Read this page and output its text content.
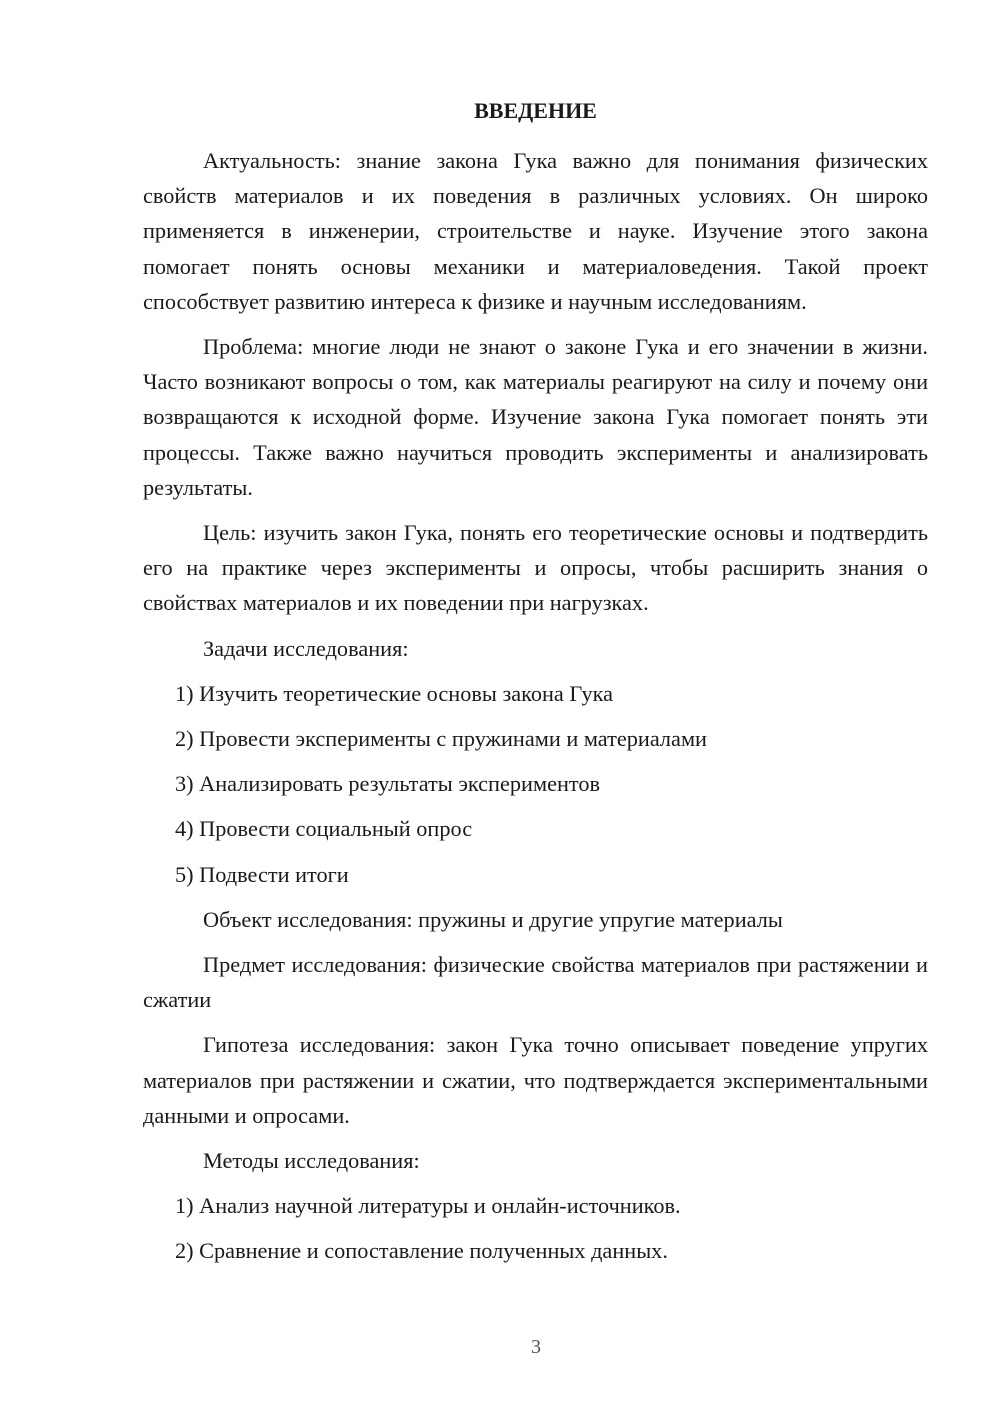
ВВЕДЕНИЕ

Актуальность: знание закона Гука важно для понимания физических свойств материалов и их поведения в различных условиях. Он широко применяется в инженерии, строительстве и науке. Изучение этого закона помогает понять основы механики и материаловедения. Такой проект способствует развитию интереса к физике и научным исследованиям.

Проблема: многие люди не знают о законе Гука и его значении в жизни. Часто возникают вопросы о том, как материалы реагируют на силу и почему они возвращаются к исходной форме. Изучение закона Гука помогает понять эти процессы. Также важно научиться проводить эксперименты и анализировать результаты.

Цель: изучить закон Гука, понять его теоретические основы и подтвердить его на практике через эксперименты и опросы, чтобы расширить знания о свойствах материалов и их поведении при нагрузках.

Задачи исследования:

1) Изучить теоретические основы закона Гука

2) Провести эксперименты с пружинами и материалами

3) Анализировать результаты экспериментов

4) Провести социальный опрос

5) Подвести итоги

Объект исследования: пружины и другие упругие материалы

Предмет исследования: физические свойства материалов при растяжении и сжатии

Гипотеза исследования: закон Гука точно описывает поведение упругих материалов при растяжении и сжатии, что подтверждается экспериментальными данными и опросами.

Методы исследования:

1) Анализ научной литературы и онлайн-источников.

2) Сравнение и сопоставление полученных данных.

3
